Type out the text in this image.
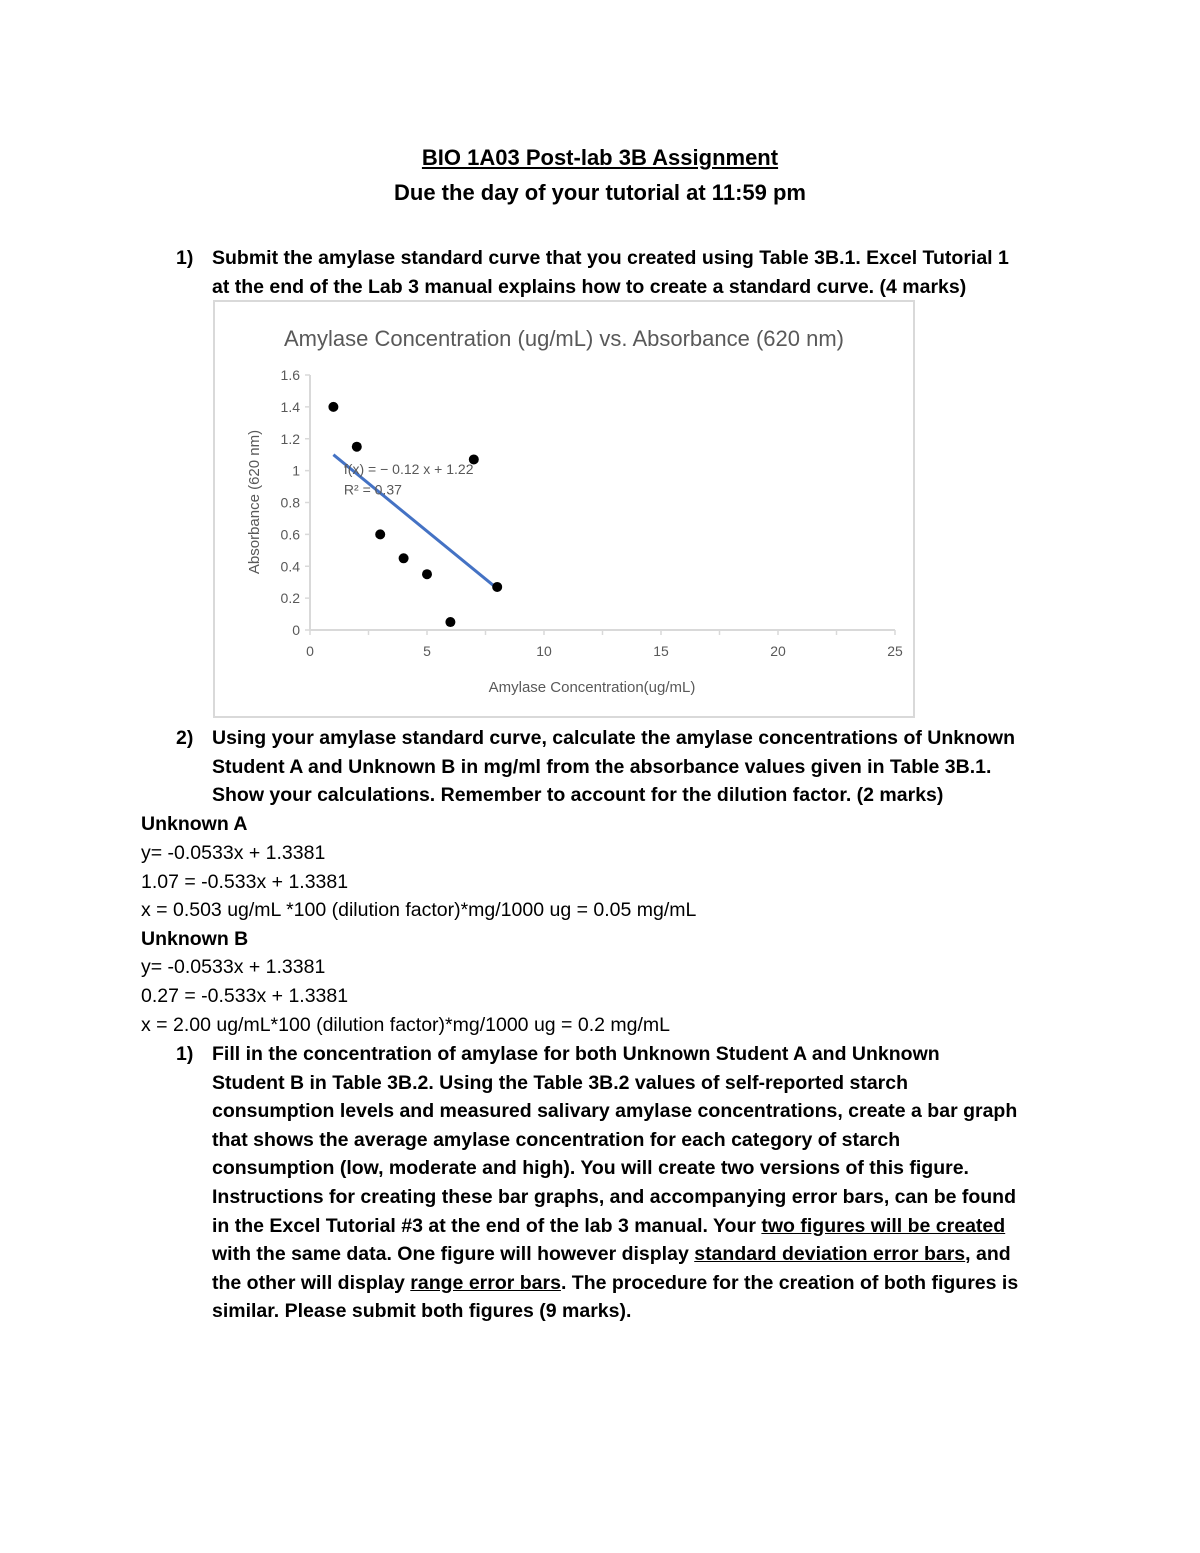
BIO 1A03 Post-lab 3B Assignment
Due the day of your tutorial at 11:59 pm
1) Submit the amylase standard curve that you created using Table 3B.1. Excel Tutorial 1
at the end of the Lab 3 manual explains how to create a standard curve. (4 marks)
Amylase Concentration (ug/mL) vs. Absorbance (620 nm)
Absorbance (620 nm)
Amylase Concentration(ug/mL)
0	5	10	15	20	25
0
0.2
0.4
0.6
0.8
1
1.2
1.4
1.6
f(x) = − 0.12 x + 1.22
R² = 0.37
2) Using your amylase standard curve, calculate the amylase concentrations of Unknown
Student A and Unknown B in mg/ml from the absorbance values given in Table 3B.1.
Show your calculations. Remember to account for the dilution factor. (2 marks)
Unknown A
y= -0.0533x + 1.3381
1.07 = -0.533x + 1.3381
x = 0.503 ug/mL *100 (dilution factor)*mg/1000 ug = 0.05 mg/mL
Unknown B
y= -0.0533x + 1.3381
0.27 = -0.533x + 1.3381
x = 2.00 ug/mL*100 (dilution factor)*mg/1000 ug = 0.2 mg/mL
1) Fill in the concentration of amylase for both Unknown Student A and Unknown
Student B in Table 3B.2. Using the Table 3B.2 values of self-reported starch
consumption levels and measured salivary amylase concentrations, create a bar graph
that shows the average amylase concentration for each category of starch
consumption (low, moderate and high). You will create two versions of this figure.
Instructions for creating these bar graphs, and accompanying error bars, can be found
in the Excel Tutorial #3 at the end of the lab 3 manual. Your two figures will be created
with the same data. One figure will however display standard deviation error bars, and
the other will display range error bars. The procedure for the creation of both figures is
similar. Please submit both figures (9 marks).
